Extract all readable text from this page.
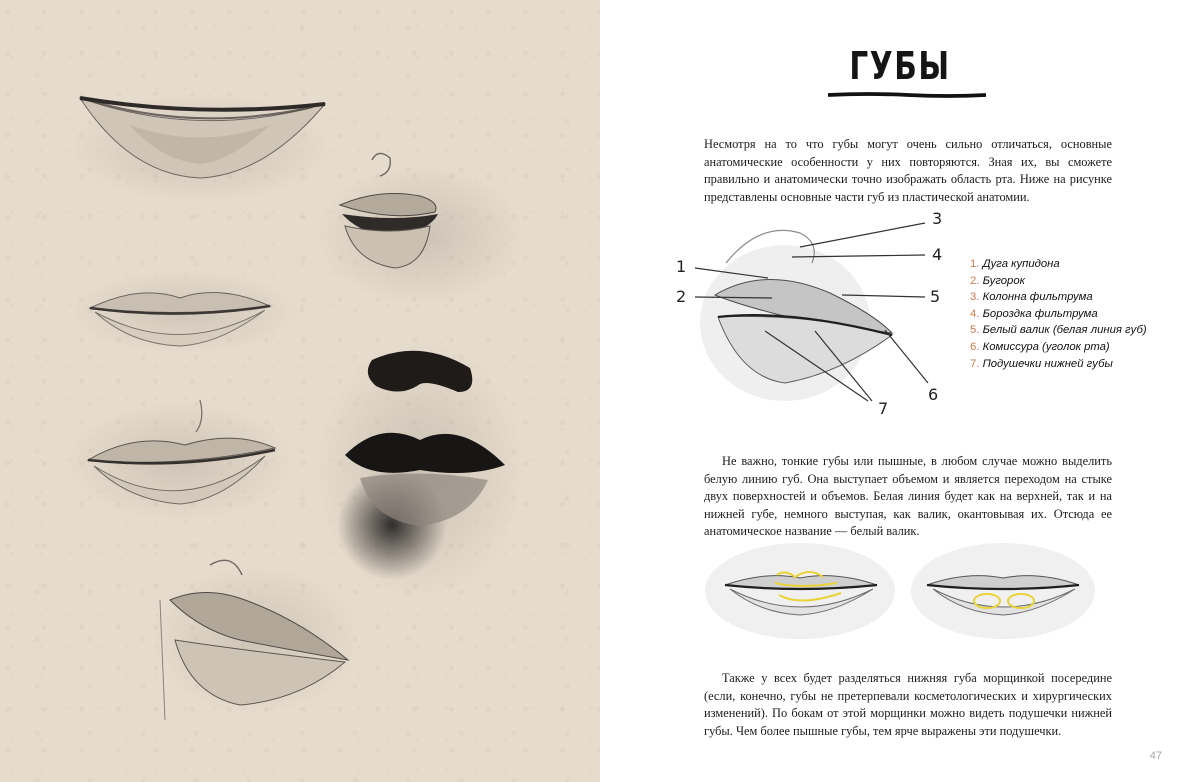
ГУБЫ

Несмотря на то что губы могут очень сильно отличаться, основные анатомические особенности у них повторяются. Зная их, вы сможете правильно и анатомически точно изображать область рта. Ниже на рисунке представлены основные части губ из пластической анатомии.

3
4
1
2	5
6
7
1. Дуга купидона
2. Бугорок
3. Колонна фильтрума
4. Бороздка фильтрума
5. Белый валик (белая линия губ)
6. Комиссура (уголок рта)
7. Подушечки нижней губы

Не важно, тонкие губы или пышные, в любом случае можно выделить белую линию губ. Она выступает объемом и является переходом на стыке двух поверхностей и объемов. Белая линия будет как на верхней, так и на нижней губе, немного выступая, как валик, окантовывая их. Отсюда ее анатомическое название — белый валик.

Также у всех будет разделяться нижняя губа морщинкой посередине (если, конечно, губы не претерпевали косметологических и хирургических изменений). По бокам от этой морщинки можно видеть подушечки нижней губы. Чем более пышные губы, тем ярче выражены эти подушечки.

47
